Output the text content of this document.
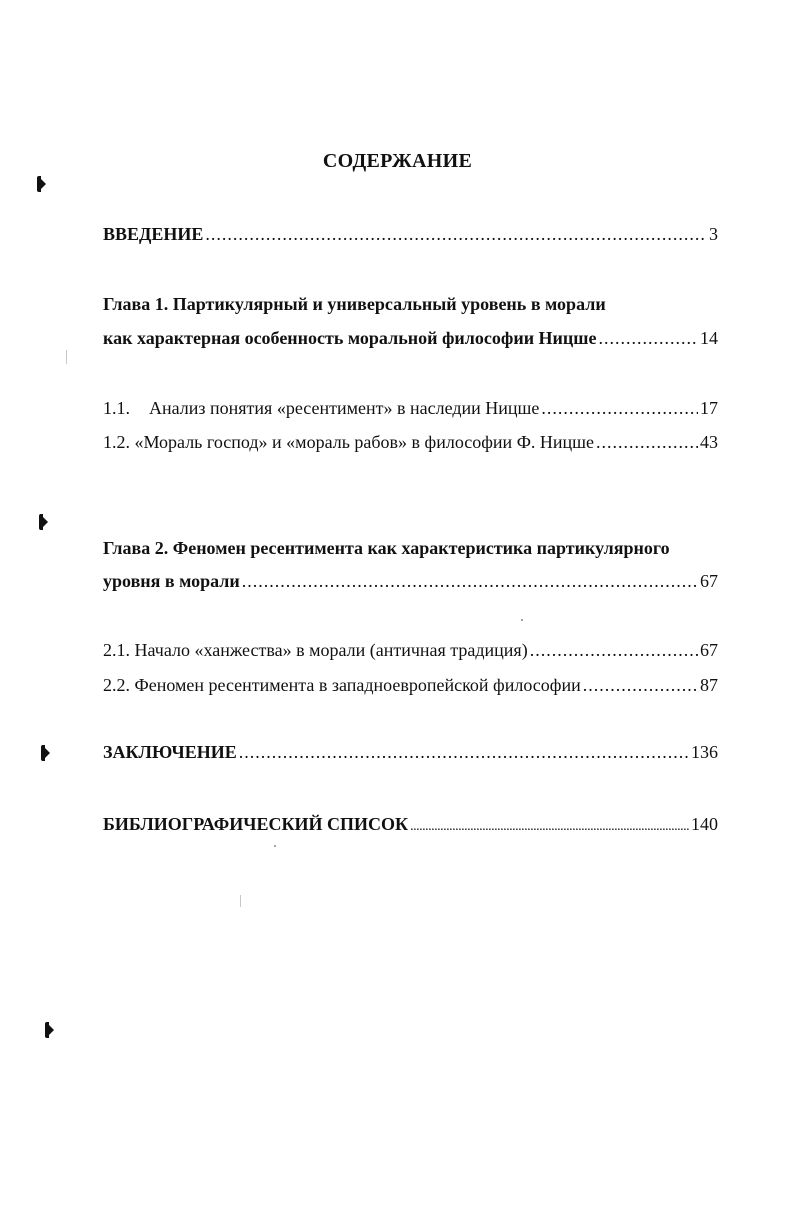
СОДЕРЖАНИЕ
ВВЕДЕНИЕ .....	3
Глава 1. Партикулярный и универсальный уровень в морали
как характерная особенность моральной философии Ницше .....	14
1.1. Анализ понятия «ресентимент» в наследии Ницше .....	17
1.2. «Мораль господ» и «мораль рабов» в философии Ф. Ницше .....	43
Глава 2. Феномен ресентимента как характеристика партикулярного
уровня в морали .....	67
2.1. Начало «ханжества» в морали (античная традиция) .....	67
2.2. Феномен ресентимента в западноевропейской философии .....	87
ЗАКЛЮЧЕНИЕ .....	136
БИБЛИОГРАФИЧЕСКИЙ СПИСОК .....	140
